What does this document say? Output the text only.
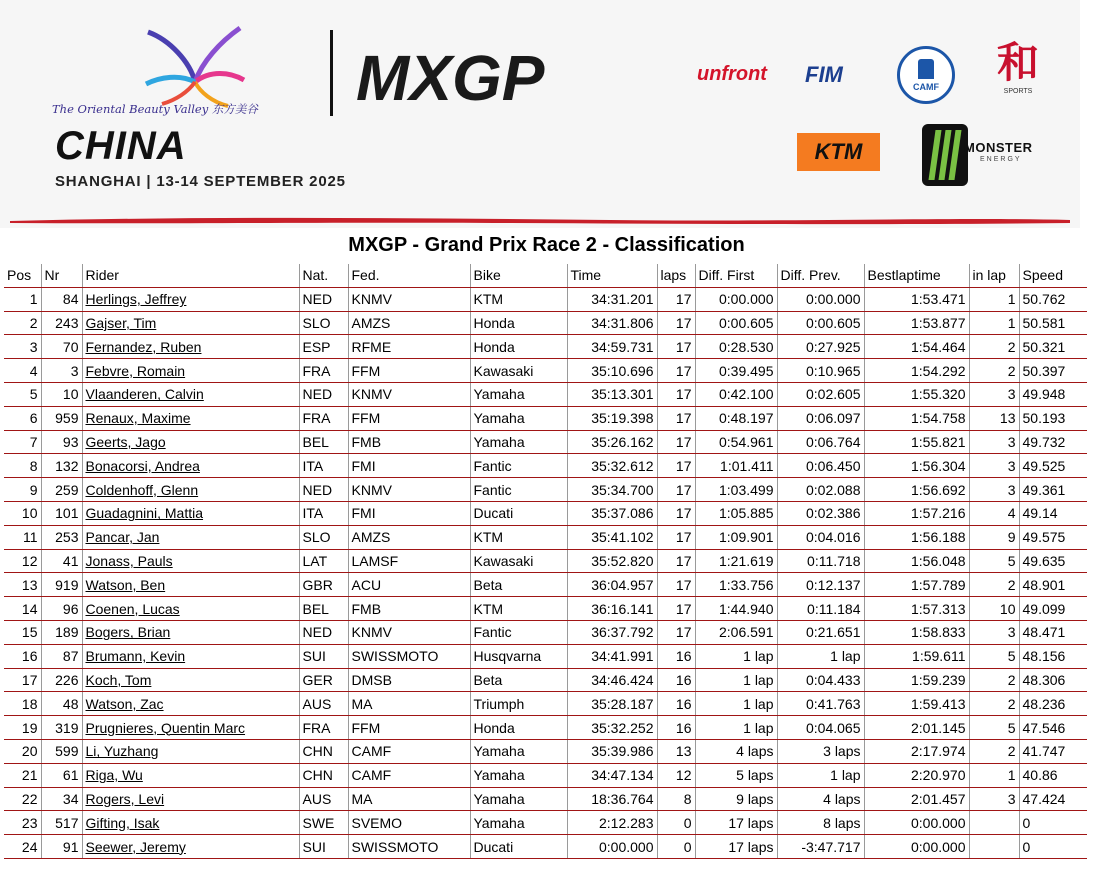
The Oriental Beauty Valley 东方美谷 MXGP
CHINA
SHANGHAI | 13-14 SEPTEMBER 2025
unfront FIM	CAMF	和
SPORTS
KTM	MONSTER
ENERGY
MXGP - Grand Prix Race 2 - Classification
Pos	Nr	Rider	Nat.	Fed.	Bike	Time	laps	Diff. First	Diff. Prev.	Bestlaptime	in lap	Speed
1	84	Herlings, Jeffrey	NED	KNMV	KTM	34:31.201	17	0:00.000	0:00.000	1:53.471	1	50.762
2	243	Gajser, Tim	SLO	AMZS	Honda	34:31.806	17	0:00.605	0:00.605	1:53.877	1	50.581
3	70	Fernandez, Ruben	ESP	RFME	Honda	34:59.731	17	0:28.530	0:27.925	1:54.464	2	50.321
4	3	Febvre, Romain	FRA	FFM	Kawasaki	35:10.696	17	0:39.495	0:10.965	1:54.292	2	50.397
5	10	Vlaanderen, Calvin	NED	KNMV	Yamaha	35:13.301	17	0:42.100	0:02.605	1:55.320	3	49.948
6	959	Renaux, Maxime	FRA	FFM	Yamaha	35:19.398	17	0:48.197	0:06.097	1:54.758	13	50.193
7	93	Geerts, Jago	BEL	FMB	Yamaha	35:26.162	17	0:54.961	0:06.764	1:55.821	3	49.732
8	132	Bonacorsi, Andrea	ITA	FMI	Fantic	35:32.612	17	1:01.411	0:06.450	1:56.304	3	49.525
9	259	Coldenhoff, Glenn	NED	KNMV	Fantic	35:34.700	17	1:03.499	0:02.088	1:56.692	3	49.361
10	101	Guadagnini, Mattia	ITA	FMI	Ducati	35:37.086	17	1:05.885	0:02.386	1:57.216	4	49.14
11	253	Pancar, Jan	SLO	AMZS	KTM	35:41.102	17	1:09.901	0:04.016	1:56.188	9	49.575
12	41	Jonass, Pauls	LAT	LAMSF	Kawasaki	35:52.820	17	1:21.619	0:11.718	1:56.048	5	49.635
13	919	Watson, Ben	GBR	ACU	Beta	36:04.957	17	1:33.756	0:12.137	1:57.789	2	48.901
14	96	Coenen, Lucas	BEL	FMB	KTM	36:16.141	17	1:44.940	0:11.184	1:57.313	10	49.099
15	189	Bogers, Brian	NED	KNMV	Fantic	36:37.792	17	2:06.591	0:21.651	1:58.833	3	48.471
16	87	Brumann, Kevin	SUI	SWISSMOTO	Husqvarna	34:41.991	16	1 lap	1 lap	1:59.611	5	48.156
17	226	Koch, Tom	GER	DMSB	Beta	34:46.424	16	1 lap	0:04.433	1:59.239	2	48.306
18	48	Watson, Zac	AUS	MA	Triumph	35:28.187	16	1 lap	0:41.763	1:59.413	2	48.236
19	319	Prugnieres, Quentin Marc	FRA	FFM	Honda	35:32.252	16	1 lap	0:04.065	2:01.145	5	47.546
20	599	Li, Yuzhang	CHN	CAMF	Yamaha	35:39.986	13	4 laps	3 laps	2:17.974	2	41.747
21	61	Riga, Wu	CHN	CAMF	Yamaha	34:47.134	12	5 laps	1 lap	2:20.970	1	40.86
22	34	Rogers, Levi	AUS	MA	Yamaha	18:36.764	8	9 laps	4 laps	2:01.457	3	47.424
23	517	Gifting, Isak	SWE	SVEMO	Yamaha	2:12.283	0	17 laps	8 laps	0:00.000		0
24	91	Seewer, Jeremy	SUI	SWISSMOTO	Ducati	0:00.000	0	17 laps	-3:47.717	0:00.000		0
